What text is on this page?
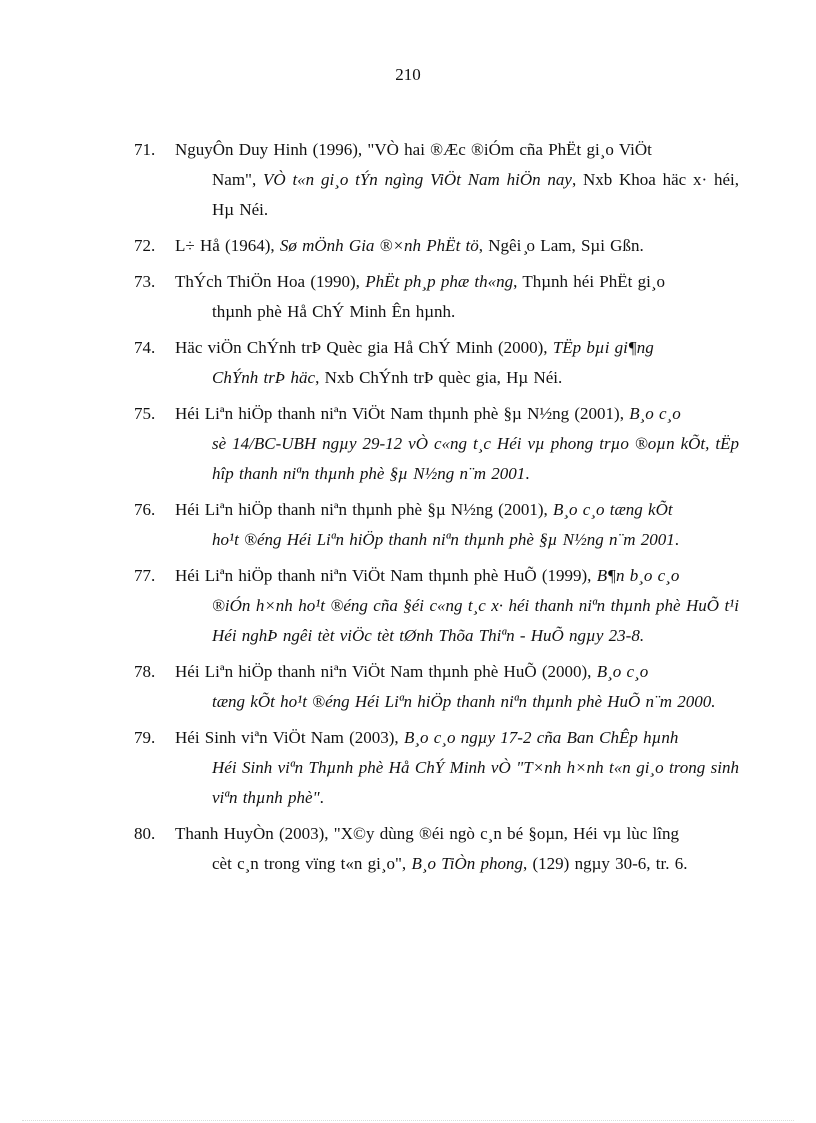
210
71. NguyÔn Duy Hinh (1996), "VÒ hai ®Æc ®iÓm cña PhËt gi¸o ViÖt
Nam", VÒ t«n gi¸o tÝn ngìng ViÖt Nam hiÖn nay, Nxb Khoa häc x· héi, Hµ Néi.
72. L÷ Hå (1964), Sø mÖnh Gia ®×nh PhËt tö, Ngêi ̧o Lam, Sµi Gßn.
73. ThÝch ThiÖn Hoa (1990), PhËt ph¸p phæ th«ng, Thµnh héi PhËt gi¸o
thµnh phè Hå ChÝ Minh Ên hµnh.
74. Häc viÖn ChÝnh trÞ Quèc gia Hå ChÝ Minh (2000), TËp bµi gi¶ng
ChÝnh trÞ häc, Nxb ChÝnh trÞ quèc gia, Hµ Néi.
75. Héi Liªn hiÖp thanh niªn ViÖt Nam thµnh phè §µ N½ng (2001), B¸o c¸o
sè 14/BC-UBH ngµy 29-12 vÒ c«ng t¸c Héi vµ phong trµo ®oµn kÕt, tËp hîp thanh niªn thµnh phè §µ N½ng n¨m 2001.
76. Héi Liªn hiÖp thanh niªn thµnh phè §µ N½ng (2001), B¸o c¸o tæng kÕt
ho¹t ®éng Héi Liªn hiÖp thanh niªn thµnh phè §µ N½ng n¨m 2001.
77. Héi Liªn hiÖp thanh niªn ViÖt Nam thµnh phè HuÕ (1999), B¶n b¸o c¸o
®iÓn h×nh ho¹t ®éng cña §éi c«ng t¸c x· héi thanh niªn thµnh phè HuÕ t¹i Héi nghÞ ngêi tèt viÖc tèt tØnh Thõa Thiªn - HuÕ ngµy 23-8.
78. Héi Liªn hiÖp thanh niªn ViÖt Nam thµnh phè HuÕ (2000), B¸o c¸o
tæng kÕt ho¹t ®éng Héi Liªn hiÖp thanh niªn thµnh phè HuÕ n¨m 2000.
79. Héi Sinh viªn ViÖt Nam (2003), B¸o c¸o ngµy 17-2 cña Ban ChÊp hµnh
Héi Sinh viªn Thµnh phè Hå ChÝ Minh vÒ "T×nh h×nh t«n gi¸o trong sinh viªn thµnh phè".
80. Thanh HuyÒn (2003), "X©y dùng ®éi ngò c¸n bé §oµn, Héi vµ lùc lîng
cèt c¸n trong vïng t«n gi¸o", B¸o TiÒn phong, (129) ngµy 30-6, tr. 6.
